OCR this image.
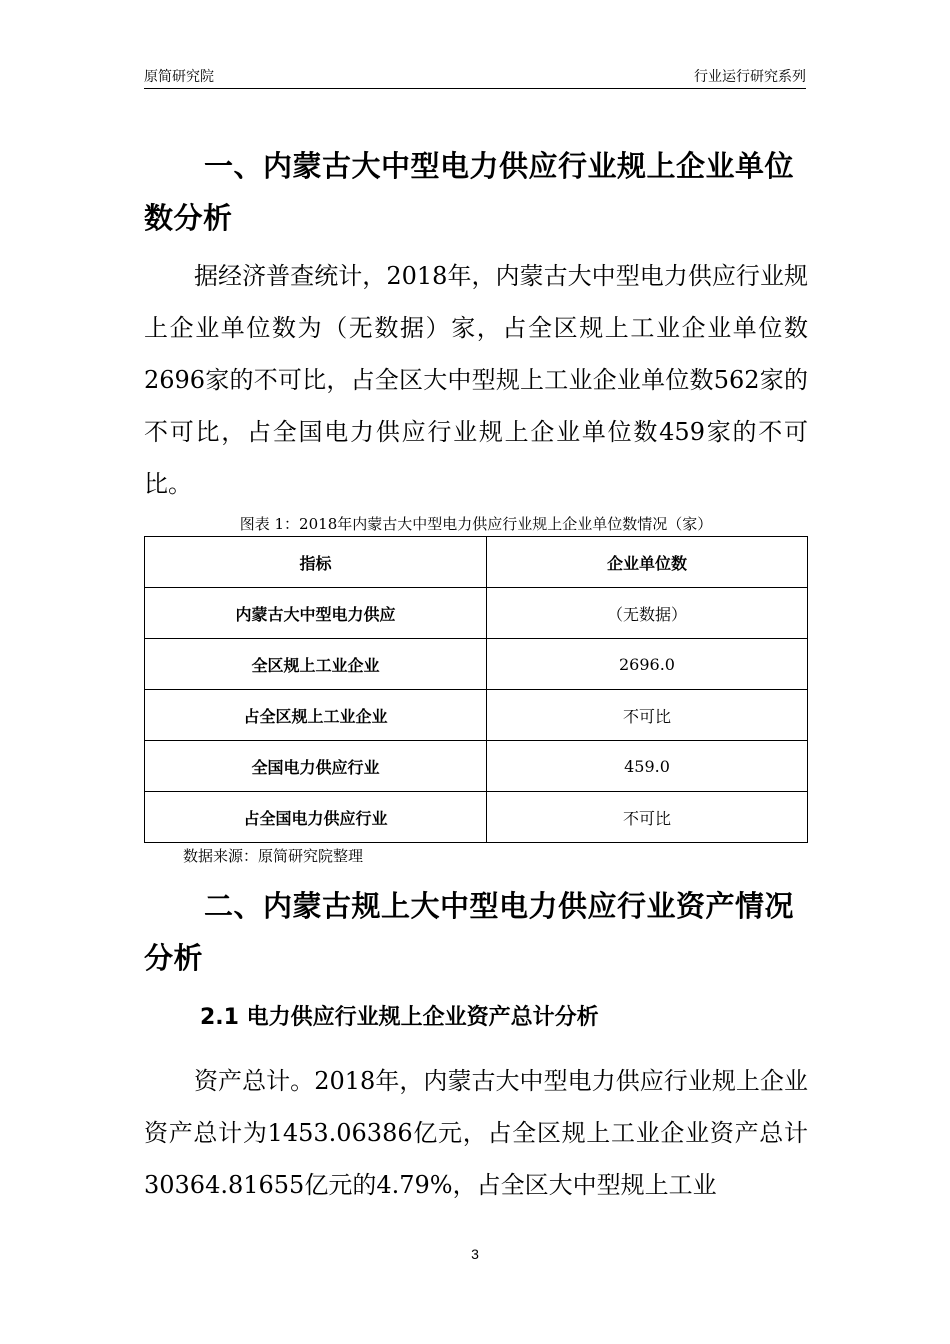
原简研究院	行业运行研究系列
一、内蒙古大中型电力供应行业规上企业单位数分析
据经济普查统计，2018年，内蒙古大中型电力供应行业规上企业单位数为（无数据）家，占全区规上工业企业单位数2696家的不可比，占全区大中型规上工业企业单位数562家的不可比，占全国电力供应行业规上企业单位数459家的不可比。
图表 1：2018年内蒙古大中型电力供应行业规上企业单位数情况（家）
指标	企业单位数
内蒙古大中型电力供应	（无数据）
全区规上工业企业	2696.0
占全区规上工业企业	不可比
全国电力供应行业	459.0
占全国电力供应行业	不可比
数据来源：原简研究院整理
二、内蒙古规上大中型电力供应行业资产情况分析
2.1 电力供应行业规上企业资产总计分析
资产总计。2018年，内蒙古大中型电力供应行业规上企业资产总计为1453.06386亿元，占全区规上工业企业资产总计30364.81655亿元的4.79%，占全区大中型规上工业
3
